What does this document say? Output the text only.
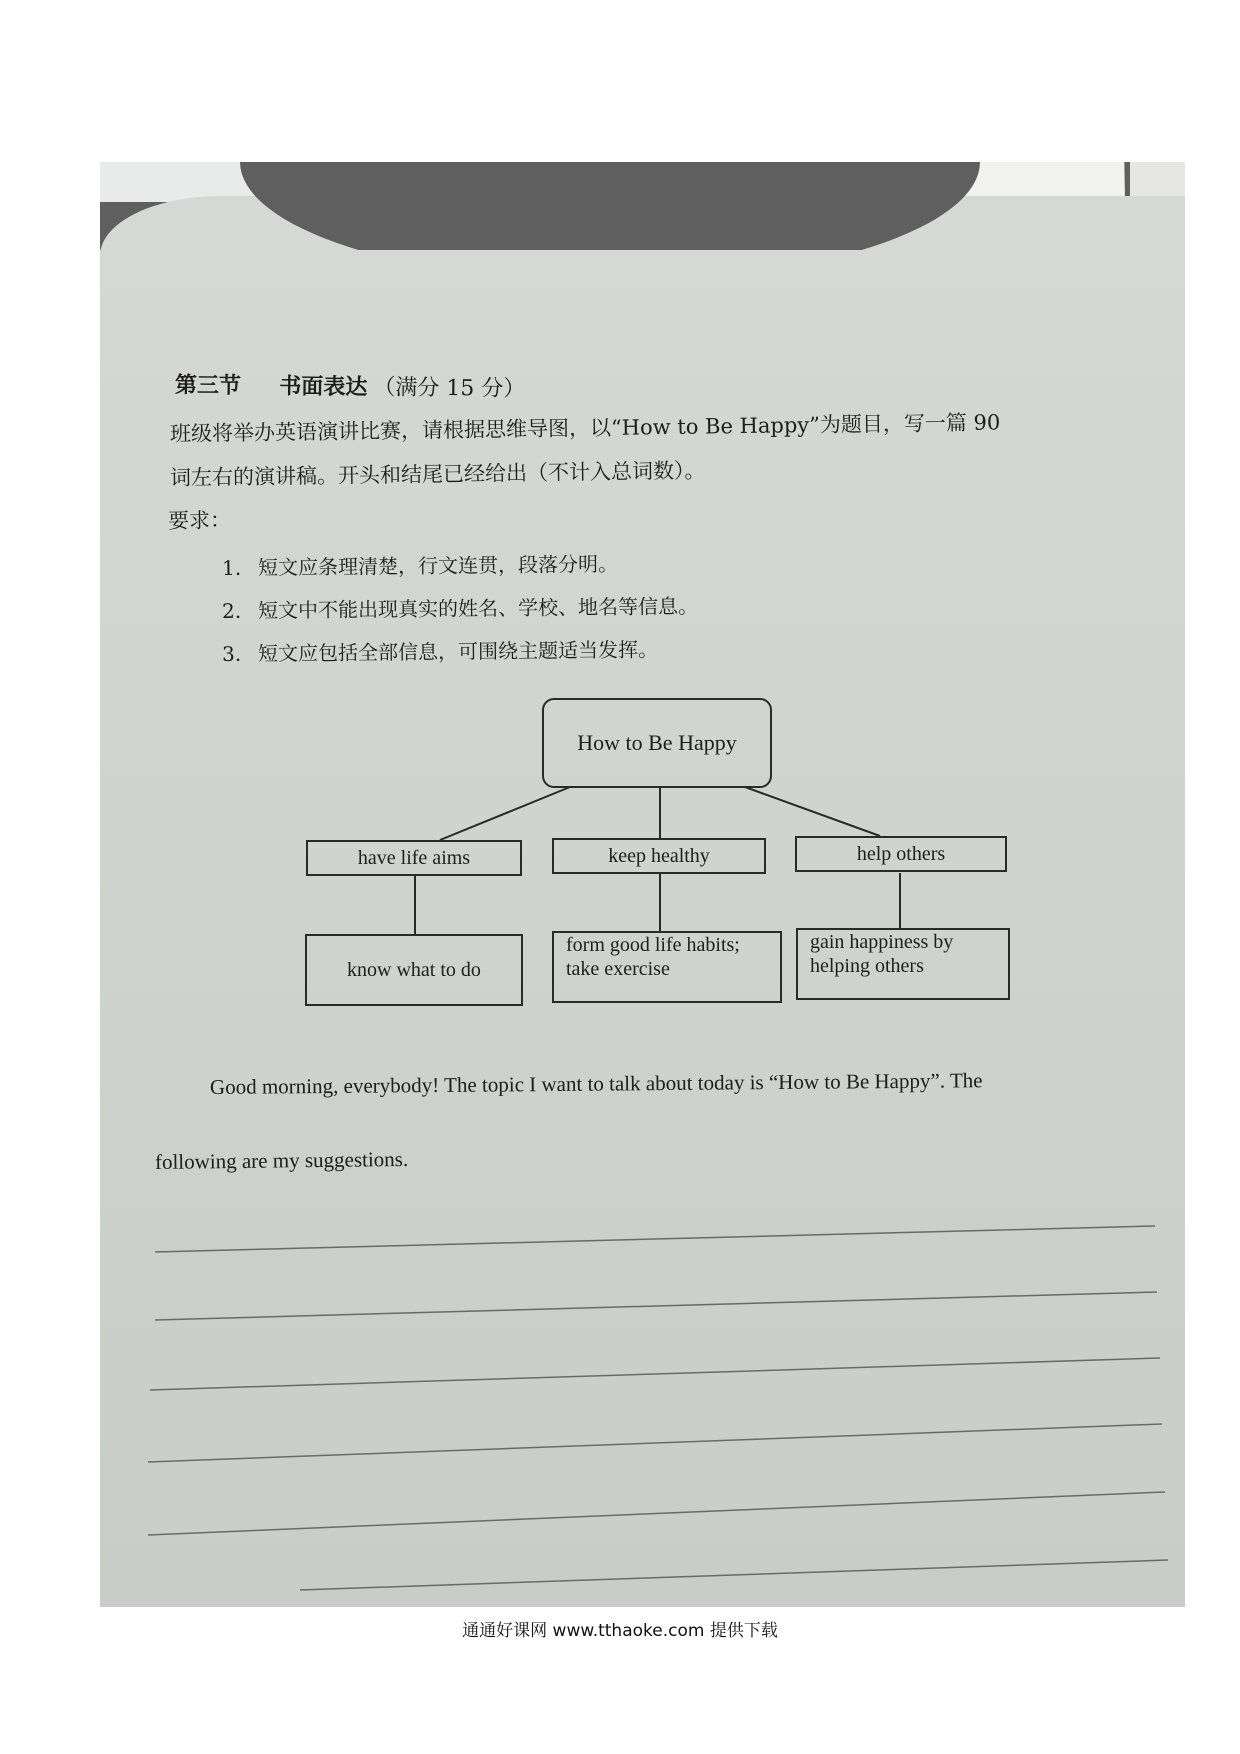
第三节 书面表达 （满分 15 分）
班级将举办英语演讲比赛，请根据思维导图，以“How to Be Happy”为题目，写一篇 90
词左右的演讲稿。开头和结尾已经给出（不计入总词数）。
要求：
1. 短文应条理清楚，行文连贯，段落分明。
2. 短文中不能出现真实的姓名、学校、地名等信息。
3. 短文应包括全部信息，可围绕主题适当发挥。
How to Be Happy
have life aims	keep healthy	help others
know what to do
form good life habits;
take exercise
gain happiness by
helping others
Good morning, everybody! The topic I want to talk about today is “How to Be Happy”. The
following are my suggestions.
通通好课网 www.tthaoke.com 提供下载
